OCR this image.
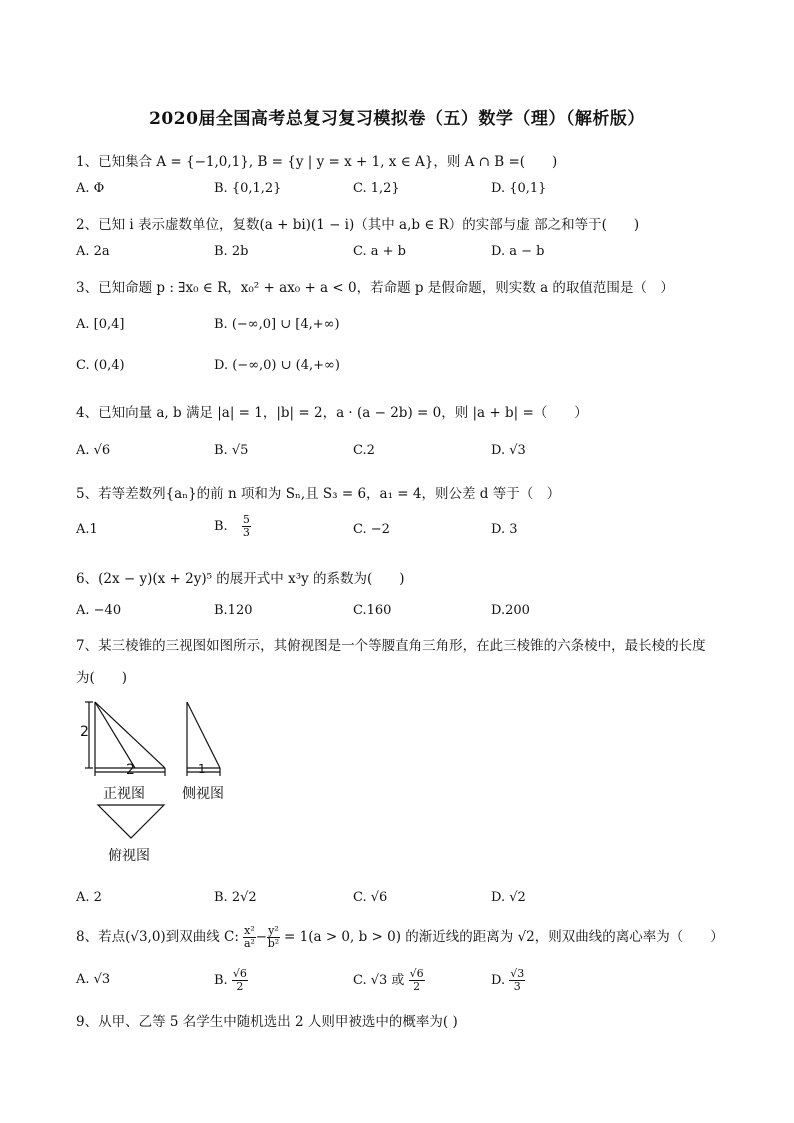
2020届全国高考总复习复习模拟卷（五）数学（理）（解析版）
1、已知集合 A = {−1,0,1}, B = {y | y = x + 1, x ∈ A}，则 A ∩ B =(　　)
A. Φ	B. {0,1,2}	C. 1,2}	D. {0,1}
2、已知 i 表示虚数单位，复数(a + bi)(1 − i)（其中 a,b ∈ R）的实部与虚 部之和等于(　　)
A. 2a	B. 2b	C. a + b	D. a − b
3、已知命题 p : ∃x₀ ∈ R，x₀² + ax₀ + a < 0，若命题 p 是假命题，则实数 a 的取值范围是（　）
A. [0,4]	B. (−∞,0] ∪ [4,+∞)
C. (0,4)	D. (−∞,0) ∪ (4,+∞)
4、已知向量 a, b 满足 |a| = 1，|b| = 2，a · (a − 2b) = 0，则 |a + b| =（　　）
A. √6	B. √5	C.2	D. √3
5、若等差数列{aₙ}的前 n 项和为 Sₙ,且 S₃ = 6，a₁ = 4，则公差 d 等于（　）
A.1	B. $\frac{5}{3}$	C. −2	D. 3
6、(2x − y)(x + 2y)⁵ 的展开式中 x³y 的系数为(　　)
A. −40	B.120	C.160	D.200
7、某三棱锥的三视图如图所示，其俯视图是一个等腰直角三角形，在此三棱锥的六条棱中，最长棱的长度
为(　　)
2
2	1
正视图	侧视图
俯视图
A. 2	B. 2√2	C. √6	D. √2
8、若点(√3,0)到双曲线 C: $\frac{\text{x²}}{\text{a²}} - \frac{\text{y²}}{\text{b²}} = 1(a > 0$, b > 0) 的渐近线的距离为 √2，则双曲线的离心率为（　　）
A. √3	B. $\frac{√6}{2}$	C. √3 或 $\frac{√6}{2}$	D. $\frac{√3}{3}$
9、从甲、乙等 5 名学生中随机选出 2 人则甲被选中的概率为( )
